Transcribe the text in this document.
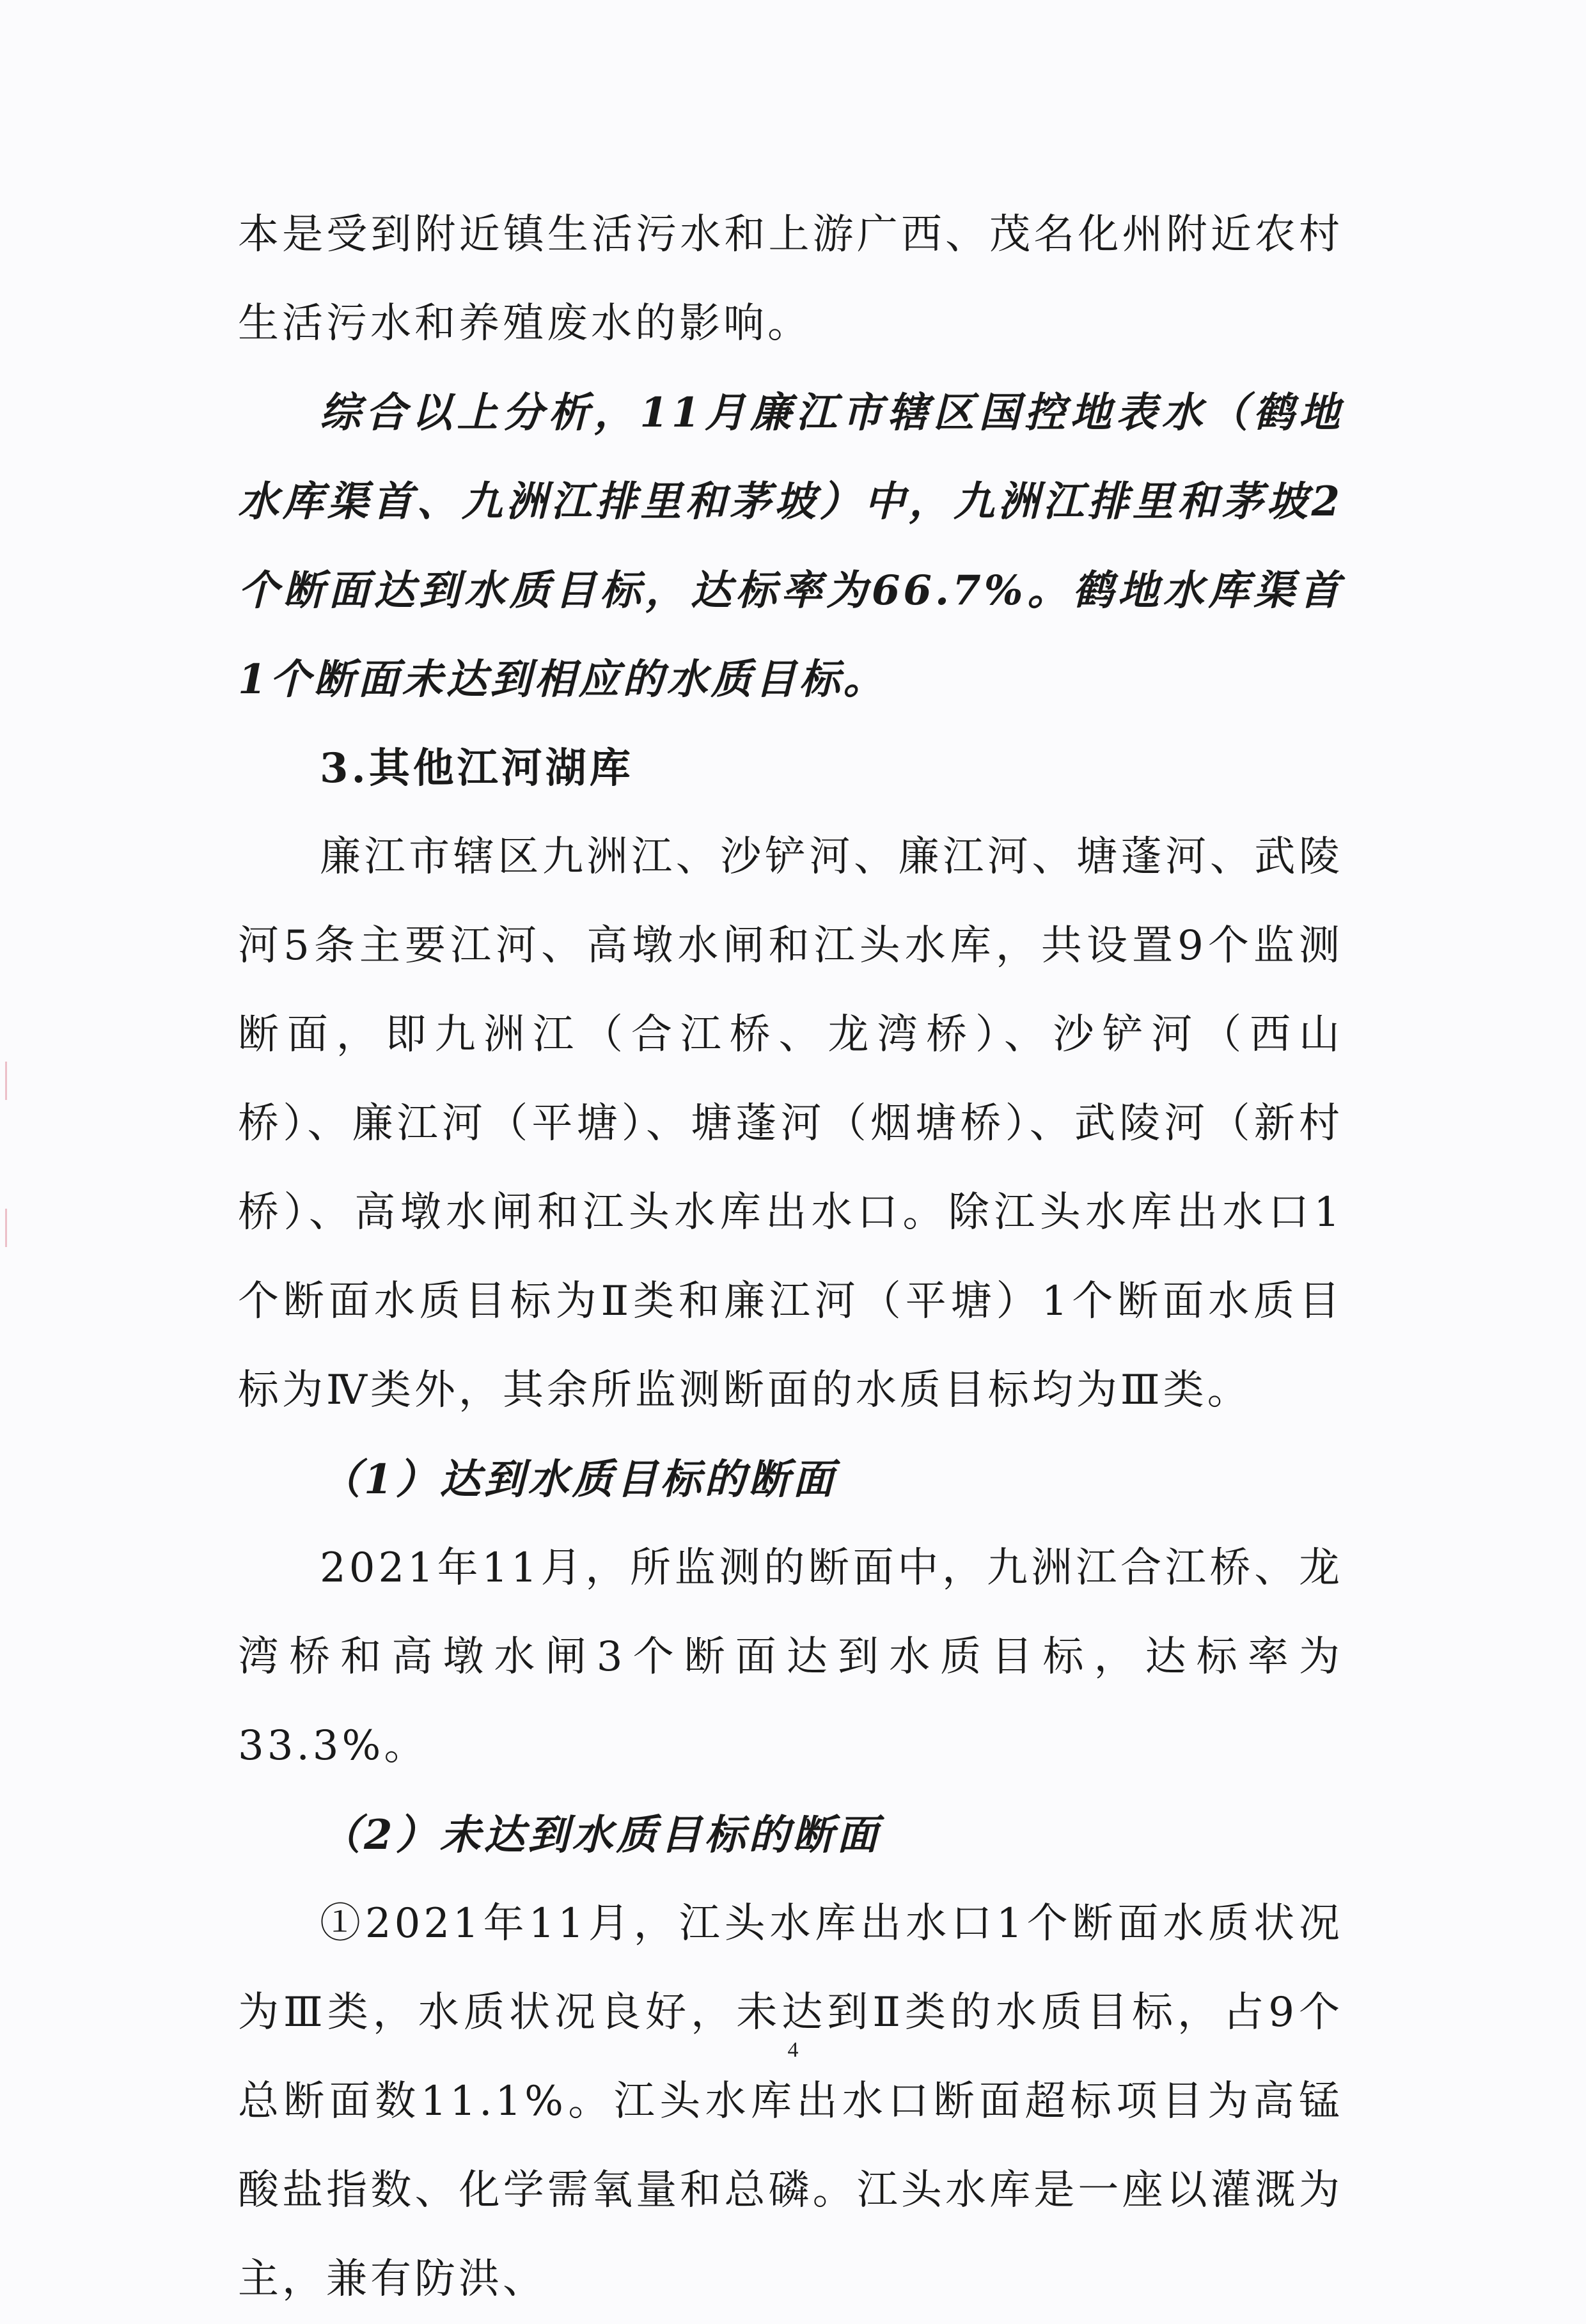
本是受到附近镇生活污水和上游广西、茂名化州附近农村生活污水和养殖废水的影响。

综合以上分析，11月廉江市辖区国控地表水（鹤地水库渠首、九洲江排里和茅坡）中，九洲江排里和茅坡2个断面达到水质目标，达标率为66.7%。鹤地水库渠首1个断面未达到相应的水质目标。

3.其他江河湖库

廉江市辖区九洲江、沙铲河、廉江河、塘蓬河、武陵河5条主要江河、高墩水闸和江头水库，共设置9个监测断面，即九洲江（合江桥、龙湾桥）、沙铲河（西山桥）、廉江河（平塘）、塘蓬河（烟塘桥）、武陵河（新村桥）、高墩水闸和江头水库出水口。除江头水库出水口1个断面水质目标为Ⅱ类和廉江河（平塘）1个断面水质目标为Ⅳ类外，其余所监测断面的水质目标均为Ⅲ类。

（1）达到水质目标的断面

2021年11月，所监测的断面中，九洲江合江桥、龙湾桥和高墩水闸3个断面达到水质目标，达标率为33.3%。

（2）未达到水质目标的断面

①2021年11月，江头水库出水口1个断面水质状况为Ⅲ类，水质状况良好，未达到Ⅱ类的水质目标，占9个总断面数11.1%。江头水库出水口断面超标项目为高锰酸盐指数、化学需氧量和总磷。江头水库是一座以灌溉为主，兼有防洪、

4
